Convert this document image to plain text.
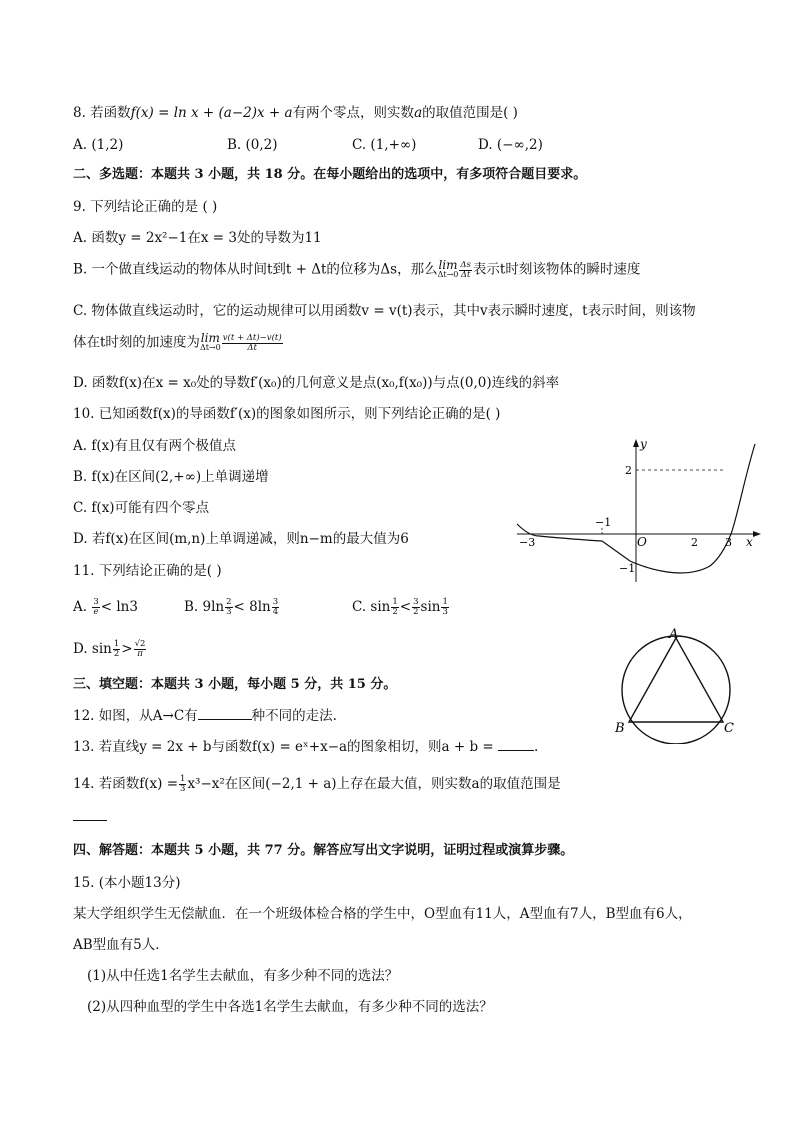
8. 若函数f(x) = ln x + (a−2)x + a有两个零点，则实数a的取值范围是( )
A. (1,2)	B. (0,2)	C. (1,+∞)	D. (−∞,2)
二、多选题：本题共 3 小题，共 18 分。在每小题给出的选项中，有多项符合题目要求。
9. 下列结论正确的是 ( )
A. 函数y = 2x²−1在x = 3处的导数为11
B. 一个做直线运动的物体从时间t到t + Δt的位移为Δs，那么 lim
$\Delta t\to 0 \frac{\Delta s}{\Delta t}$ 表示t时刻该物体的瞬时速度
C. 物体做直线运动时，它的运动规律可以用函数v = v(t)表示，其中v表示瞬时速度，t表示时间，则该物
体在t时刻的加速度为 lim
$\Delta t\to 0 \frac{v(t + \Delta t)-v(t)}{\Delta t}$
D. 函数f(x)在x = x₀处的导数f′(x₀)的几何意义是点(x₀,f(x₀))与点(0,0)连线的斜率
10. 已知函数f(x)的导函数f′(x)的图象如图所示，则下列结论正确的是( )
A. f(x)有且仅有两个极值点
B. f(x)在区间(2,+∞)上单调递增
C. f(x)可能有四个零点
D. 若f(x)在区间(m,n)上单调递减，则n−m的最大值为6
y
x
O
−3
−1
2 3
2
−1
11. 下列结论正确的是( )
A. $\frac{3}{e} < \ln 3$	B. $9\ln \frac{2}{3} < 8\ln \frac{3}{4}$	C. $\sin \frac{1}{2} < \frac{3}{2}$ $\sin \frac{1}{3}$
D. $\sin \frac{1}{2} > \frac{√2}{\pi}$
三、填空题：本题共 3 小题，每小题 5 分，共 15 分。
12. 如图，从A→C有	种不同的走法.
A
B	C
13. 若直线y = 2x + b与函数f(x) = eˣ+x−a的图象相切，则a + b =	.
14. 若函数$f(x) = \frac{1}{3} x^3-x^2$在区间(−2,1 + a)上存在最大值，则实数a的取值范围是
四、解答题：本题共 5 小题，共 77 分。解答应写出文字说明，证明过程或演算步骤。
15. (本小题13分)
某大学组织学生无偿献血．在一个班级体检合格的学生中，O型血有11人，A型血有7人，B型血有6人，
AB型血有5人．
(1)从中任选1名学生去献血，有多少种不同的选法？
(2)从四种血型的学生中各选1名学生去献血，有多少种不同的选法？
